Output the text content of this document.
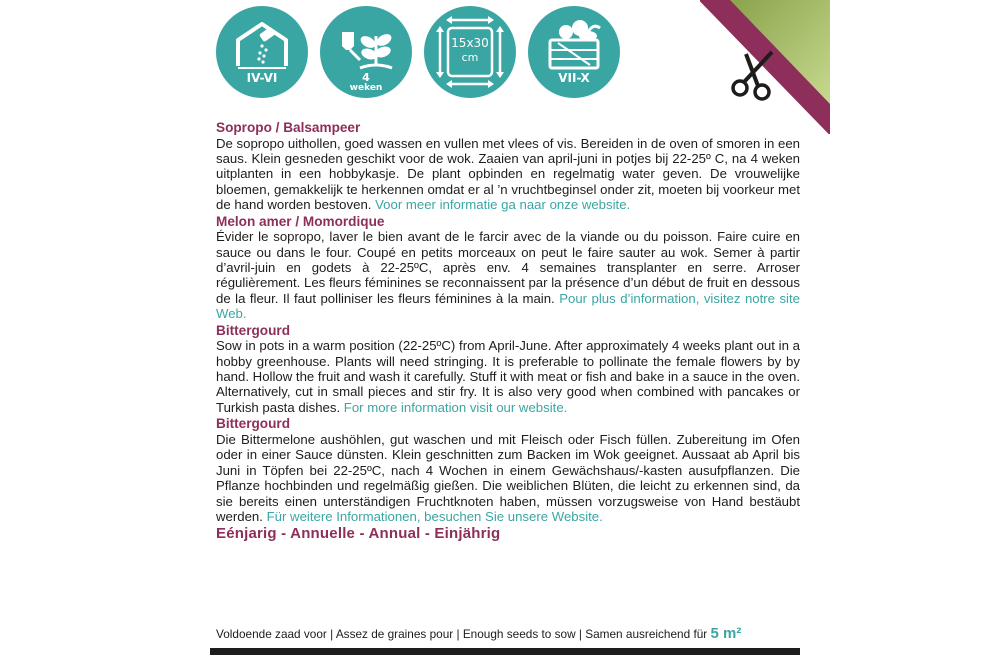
IV-VI	4
weken
15x30
cm
VII-X
Sopropo / Balsampeer

De sopropo uithollen, goed wassen en vullen met vlees of vis. Bereiden in de oven of smoren in een saus. Klein gesneden geschikt voor de wok. Zaaien van april-juni in potjes bij 22-25º C, na 4 weken uitplanten in een hobbykasje. De plant opbinden en regelmatig water geven. De vrouwelijke bloemen, gemakkelijk te herkennen omdat er al ’n vruchtbeginsel onder zit, moeten bij voorkeur met de hand worden bestoven. Voor meer informatie ga naar onze website.

Melon amer / Momordique

Évider le sopropo, laver le bien avant de le farcir avec de la viande ou du poisson. Faire cuire en sauce ou dans le four. Coupé en petits morceaux on peut le faire sauter au wok. Semer à partir d’avril-juin en godets à 22-25ºC, après env. 4 semaines transplanter en serre. Arroser régulièrement. Les fleurs féminines se reconnaissent par la présence d’un début de fruit en dessous de la fleur. Il faut polliniser les fleurs féminines à la main. Pour plus d’information, visitez notre site Web.

Bittergourd

Sow in pots in a warm position (22-25ºC) from April-June. After approximately 4 weeks plant out in a hobby greenhouse. Plants will need stringing. It is preferable to pollinate the female flowers by by hand. Hollow the fruit and wash it carefully. Stuff it with meat or fish and bake in a sauce in the oven. Alternatively, cut in small pieces and stir fry. It is also very good when combined with pancakes or Turkish pasta dishes. For more information visit our website.

Bittergourd

Die Bittermelone aushöhlen, gut waschen und mit Fleisch oder Fisch füllen. Zubereitung im Ofen oder in einer Sauce dünsten. Klein geschnitten zum Backen im Wok geeignet. Aussaat ab April bis Juni in Töpfen bei 22-25ºC, nach 4 Wochen in einem Gewächshaus/-kasten ausufpflanzen. Die Pflanze hochbinden und regelmäßig gießen. Die weiblichen Blüten, die leicht zu erkennen sind, da sie bereits einen unterständigen Fruchtknoten haben, müssen vorzugsweise von Hand bestäubt werden. Für weitere Informationen, besuchen Sie unsere Website.

Eénjarig - Annuelle - Annual - Einjährig
Voldoende zaad voor | Assez de graines pour | Enough seeds to sow | Samen ausreichend für 5 m²
